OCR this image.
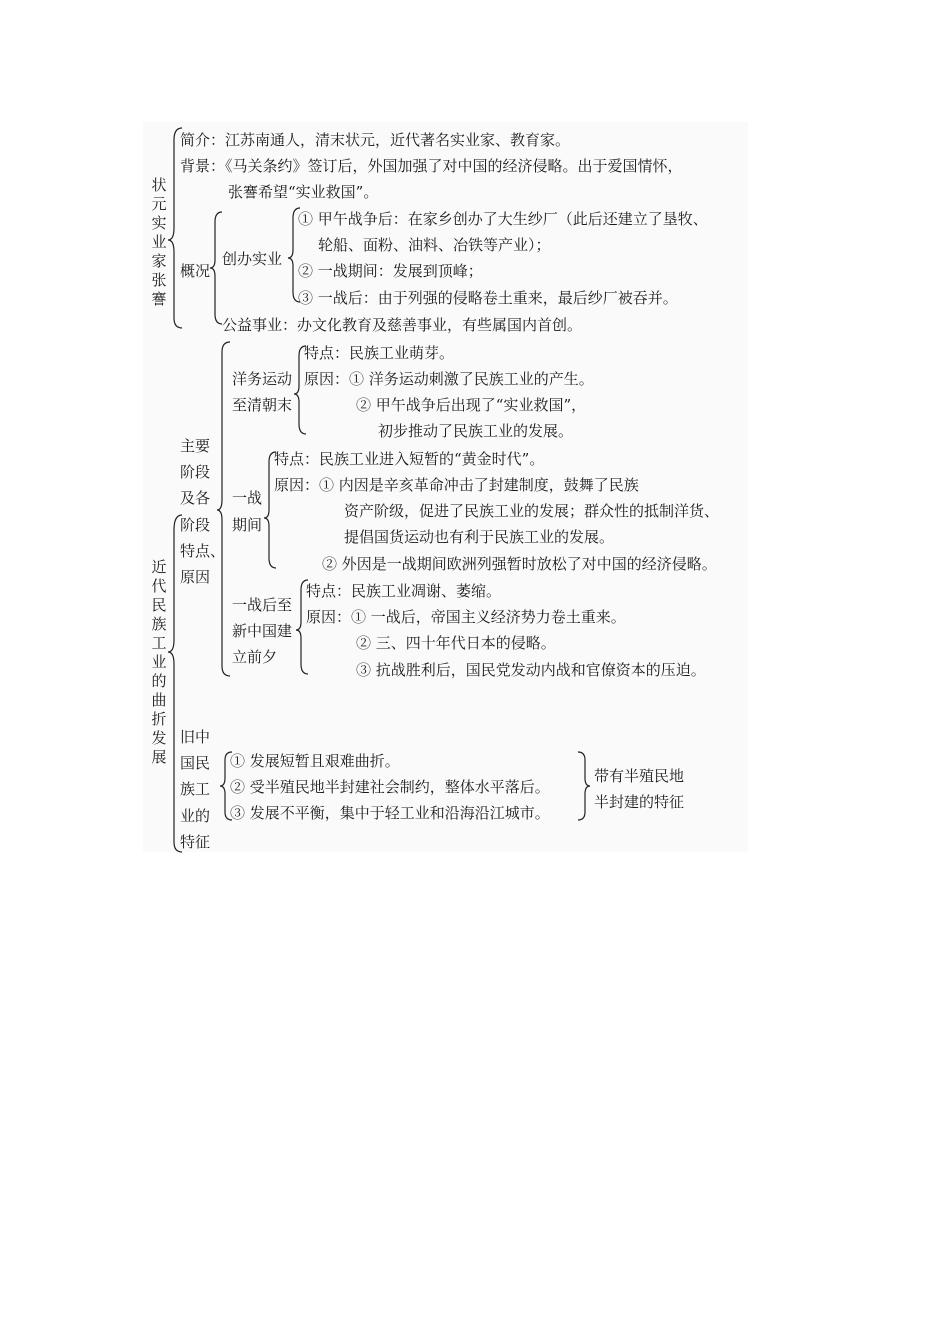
状元实业家张謇
简介：江苏南通人，清末状元，近代著名实业家、教育家。
背景：《马关条约》签订后，外国加强了对中国的经济侵略。出于爱国情怀，
张謇希望“实业救国”。
概况
创办实业
① 甲午战争后：在家乡创办了大生纱厂（此后还建立了垦牧、
轮船、面粉、油料、冶铁等产业）；
② 一战期间：发展到顶峰；
③ 一战后：由于列强的侵略卷土重来，最后纱厂被吞并。
公益事业：办文化教育及慈善事业，有些属国内首创。
近代民族工业的曲折发展
主要
阶段
及各
阶段
特点、
原因
洋务运动
至清朝末
特点：民族工业萌芽。
原因：① 洋务运动刺激了民族工业的产生。
② 甲午战争后出现了“实业救国”，
初步推动了民族工业的发展。
一战
期间
特点：民族工业进入短暂的“黄金时代”。
原因：① 内因是辛亥革命冲击了封建制度，鼓舞了民族
资产阶级，促进了民族工业的发展；群众性的抵制洋货、
提倡国货运动也有利于民族工业的发展。
② 外因是一战期间欧洲列强暂时放松了对中国的经济侵略。
一战后至
新中国建
立前夕
特点：民族工业凋谢、萎缩。
原因：① 一战后，帝国主义经济势力卷土重来。
② 三、四十年代日本的侵略。
③ 抗战胜利后，国民党发动内战和官僚资本的压迫。
旧中
国民
族工
业的
特征
① 发展短暂且艰难曲折。
② 受半殖民地半封建社会制约，整体水平落后。
③ 发展不平衡，集中于轻工业和沿海沿江城市。
带有半殖民地
半封建的特征
